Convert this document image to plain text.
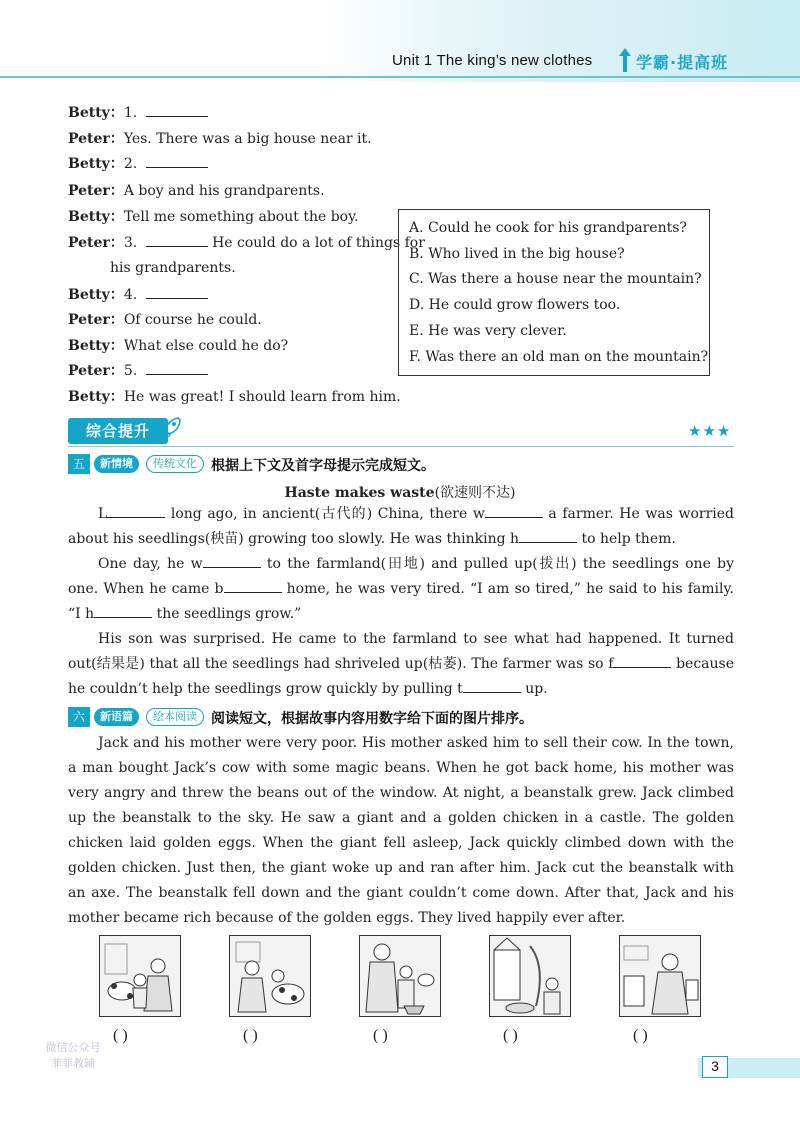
Unit 1 The king’s new clothes	学霸·提高班
Betty：1.
Peter：Yes. There was a big house near it.
Betty：2.
Peter：A boy and his grandparents.
Betty：Tell me something about the boy.
Peter：3.	He could do a lot of things for
his grandparents.
Betty：4.
Peter：Of course he could.
Betty：What else could he do?
Peter：5.
Betty：He was great! I should learn from him.
A. Could he cook for his grandparents?
B. Who lived in the big house?
C. Was there a house near the mountain?
D. He could grow flowers too.
E. He was very clever.
F. Was there an old man on the mountain?
综合提升	★★★
五	新情境	传统文化	根据上下文及首字母提示完成短文。
Haste makes waste(欲速则不达)
L	long ago, in ancient(古代的) China, there w	a farmer. He was worried about his seedlings(秧苗) growing too slowly. He was thinking h	to help them.
One day, he w	to the farmland(田地) and pulled up(拔出) the seedlings one by one. When he came b	home, he was very tired. “I am so tired,” he said to his family. “I h	the seedlings grow.”
His son was surprised. He came to the farmland to see what had happened. It turned out(结果是) that all the seedlings had shriveled up(枯萎). The farmer was so f	because he couldn’t help the seedlings grow quickly by pulling t	up.
六	新语篇	绘本阅读	阅读短文，根据故事内容用数字给下面的图片排序。
Jack and his mother were very poor. His mother asked him to sell their cow. In the town, a man bought Jack’s cow with some magic beans. When he got back home, his mother was very angry and threw the beans out of the window. At night, a beanstalk grew. Jack climbed up the beanstalk to the sky. He saw a giant and a golden chicken in a castle. The golden chicken laid golden eggs. When the giant fell asleep, Jack quickly climbed down with the golden chicken. Just then, the giant woke up and ran after him. Jack cut the beanstalk with an axe. The beanstalk fell down and the giant couldn’t come down. After that, Jack and his mother became rich because of the golden eggs. They lived happily ever after.
( )	( )	( )	( )	( )
微信公众号
菲菲教辅	3
